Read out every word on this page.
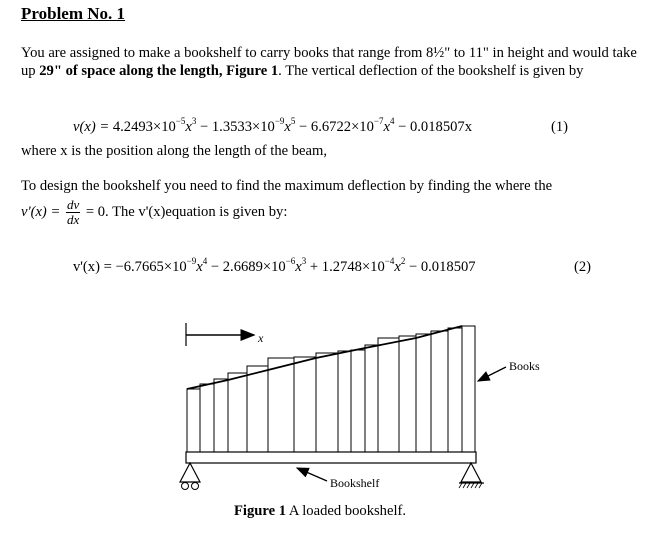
Problem No. 1
You are assigned to make a bookshelf to carry books that range from 8½" to 11" in height and would take up 29" of space along the length, Figure 1. The vertical deflection of the bookshelf is given by
$v(x) = 4.2493\times 10^{-5}x^3 - 1.3533\times 10^{-9}x^5 - 6.6722\times 10^{-7}x^4 - 0.018507x$	(1)
where x is the position along the length of the beam,
To design the bookshelf you need to find the maximum deflection by finding the where the
$v'(x) = \frac{dv}{dx} = 0$. The v'(x)equation is given by:
$v'(x) = -6.7665\times 10^{-9}x^4 - 2.6689\times 10^{-6}x^3 + 1.2748\times 10^{-4}x^2 - 0.018507$	(2)
x
Books
Bookshelf
Figure 1 A loaded bookshelf.
